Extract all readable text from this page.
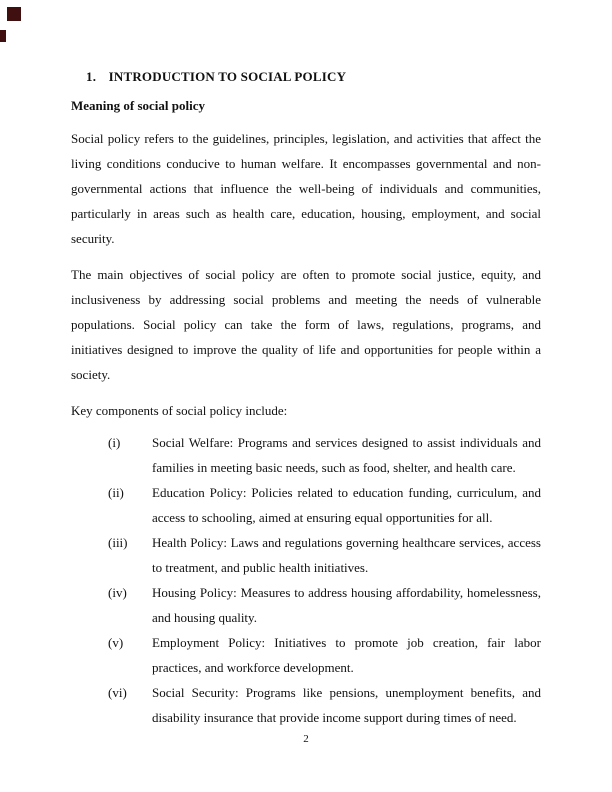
1. INTRODUCTION TO SOCIAL POLICY
Meaning of social policy

Social policy refers to the guidelines, principles, legislation, and activities that affect the living conditions conducive to human welfare. It encompasses governmental and non-governmental actions that influence the well-being of individuals and communities, particularly in areas such as health care, education, housing, employment, and social security.

The main objectives of social policy are often to promote social justice, equity, and inclusiveness by addressing social problems and meeting the needs of vulnerable populations. Social policy can take the form of laws, regulations, programs, and initiatives designed to improve the quality of life and opportunities for people within a society.

Key components of social policy include:

(i)	Social Welfare: Programs and services designed to assist individuals and families in meeting basic needs, such as food, shelter, and health care.
(ii)	Education Policy: Policies related to education funding, curriculum, and access to schooling, aimed at ensuring equal opportunities for all.
(iii)	Health Policy: Laws and regulations governing healthcare services, access to treatment, and public health initiatives.
(iv)	Housing Policy: Measures to address housing affordability, homelessness, and housing quality.
(v)	Employment Policy: Initiatives to promote job creation, fair labor practices, and workforce development.
(vi)	Social Security: Programs like pensions, unemployment benefits, and disability insurance that provide income support during times of need.
2
